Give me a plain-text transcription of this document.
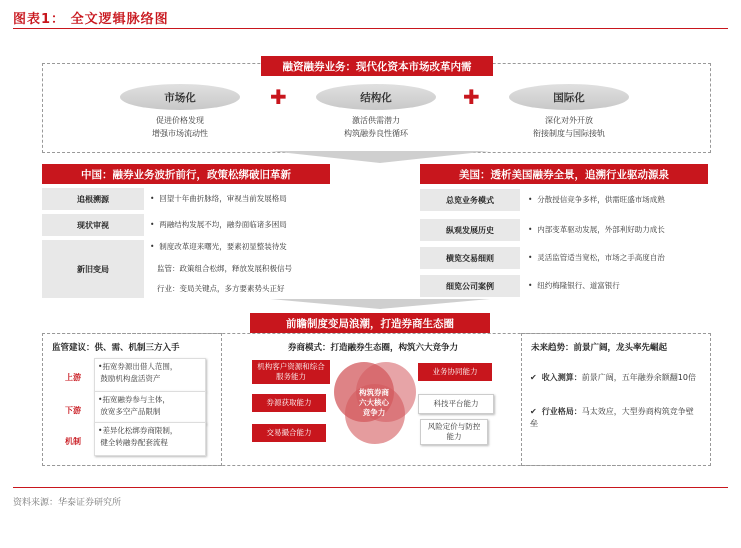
图表1： 全文逻辑脉络图
融资融券业务：现代化资本市场改革内需
市场化	✚	结构化	✚	国际化
促进价格发现
增强市场流动性
激活供需潜力
构筑融券良性循环
深化对外开放
衔接制度与国际接轨
中国：融券业务波折前行，政策松绑破旧革新
追根溯源	•  回望十年曲折脉络，审视当前发展格局
现状审视	•  两融结构发展不均，融券面临诸多困局
新旧变局
•  制度改革迎来曙光，要素初显整装待发
监管：政策组合松绑，释放发展积极信号
行业：变局关键点，多方要素势头正好
美国：透析美国融券全景，追溯行业驱动源泉
总览业务模式	•  分散授信竞争多样，供需旺盛市场成熟
纵观发展历史	•  内部变革驱动发展，外部利好助力成长
横览交易细则	•  灵活监管适当宽松，市场之手高度自治
细览公司案例	•  纽约梅隆银行、道富银行
前瞻制度变局浪潮，打造券商生态圈
监管建议：供、需、机制三方入手
上游
•拓宽券源出借人范围，
鼓励机构盘活资产
下游
•拓宽融券参与主体，
放宽多空产品限制
机制
•差异化松绑券商限制，
健全转融券配套流程
券商模式：打造融券生态圈，构筑六大竞争力
构筑券商
六大核心
竞争力
机构客户资源和综合服务能力
券源获取能力
交易撮合能力
业务协同能力
科技平台能力
风险定价与防控能力
未来趋势：前景广阔，龙头率先崛起
✔ 收入测算：前景广阔，五年融券余额翻10倍
✔ 行业格局：马太效应，大型券商构筑竞争壁垒
资料来源：华泰证券研究所
